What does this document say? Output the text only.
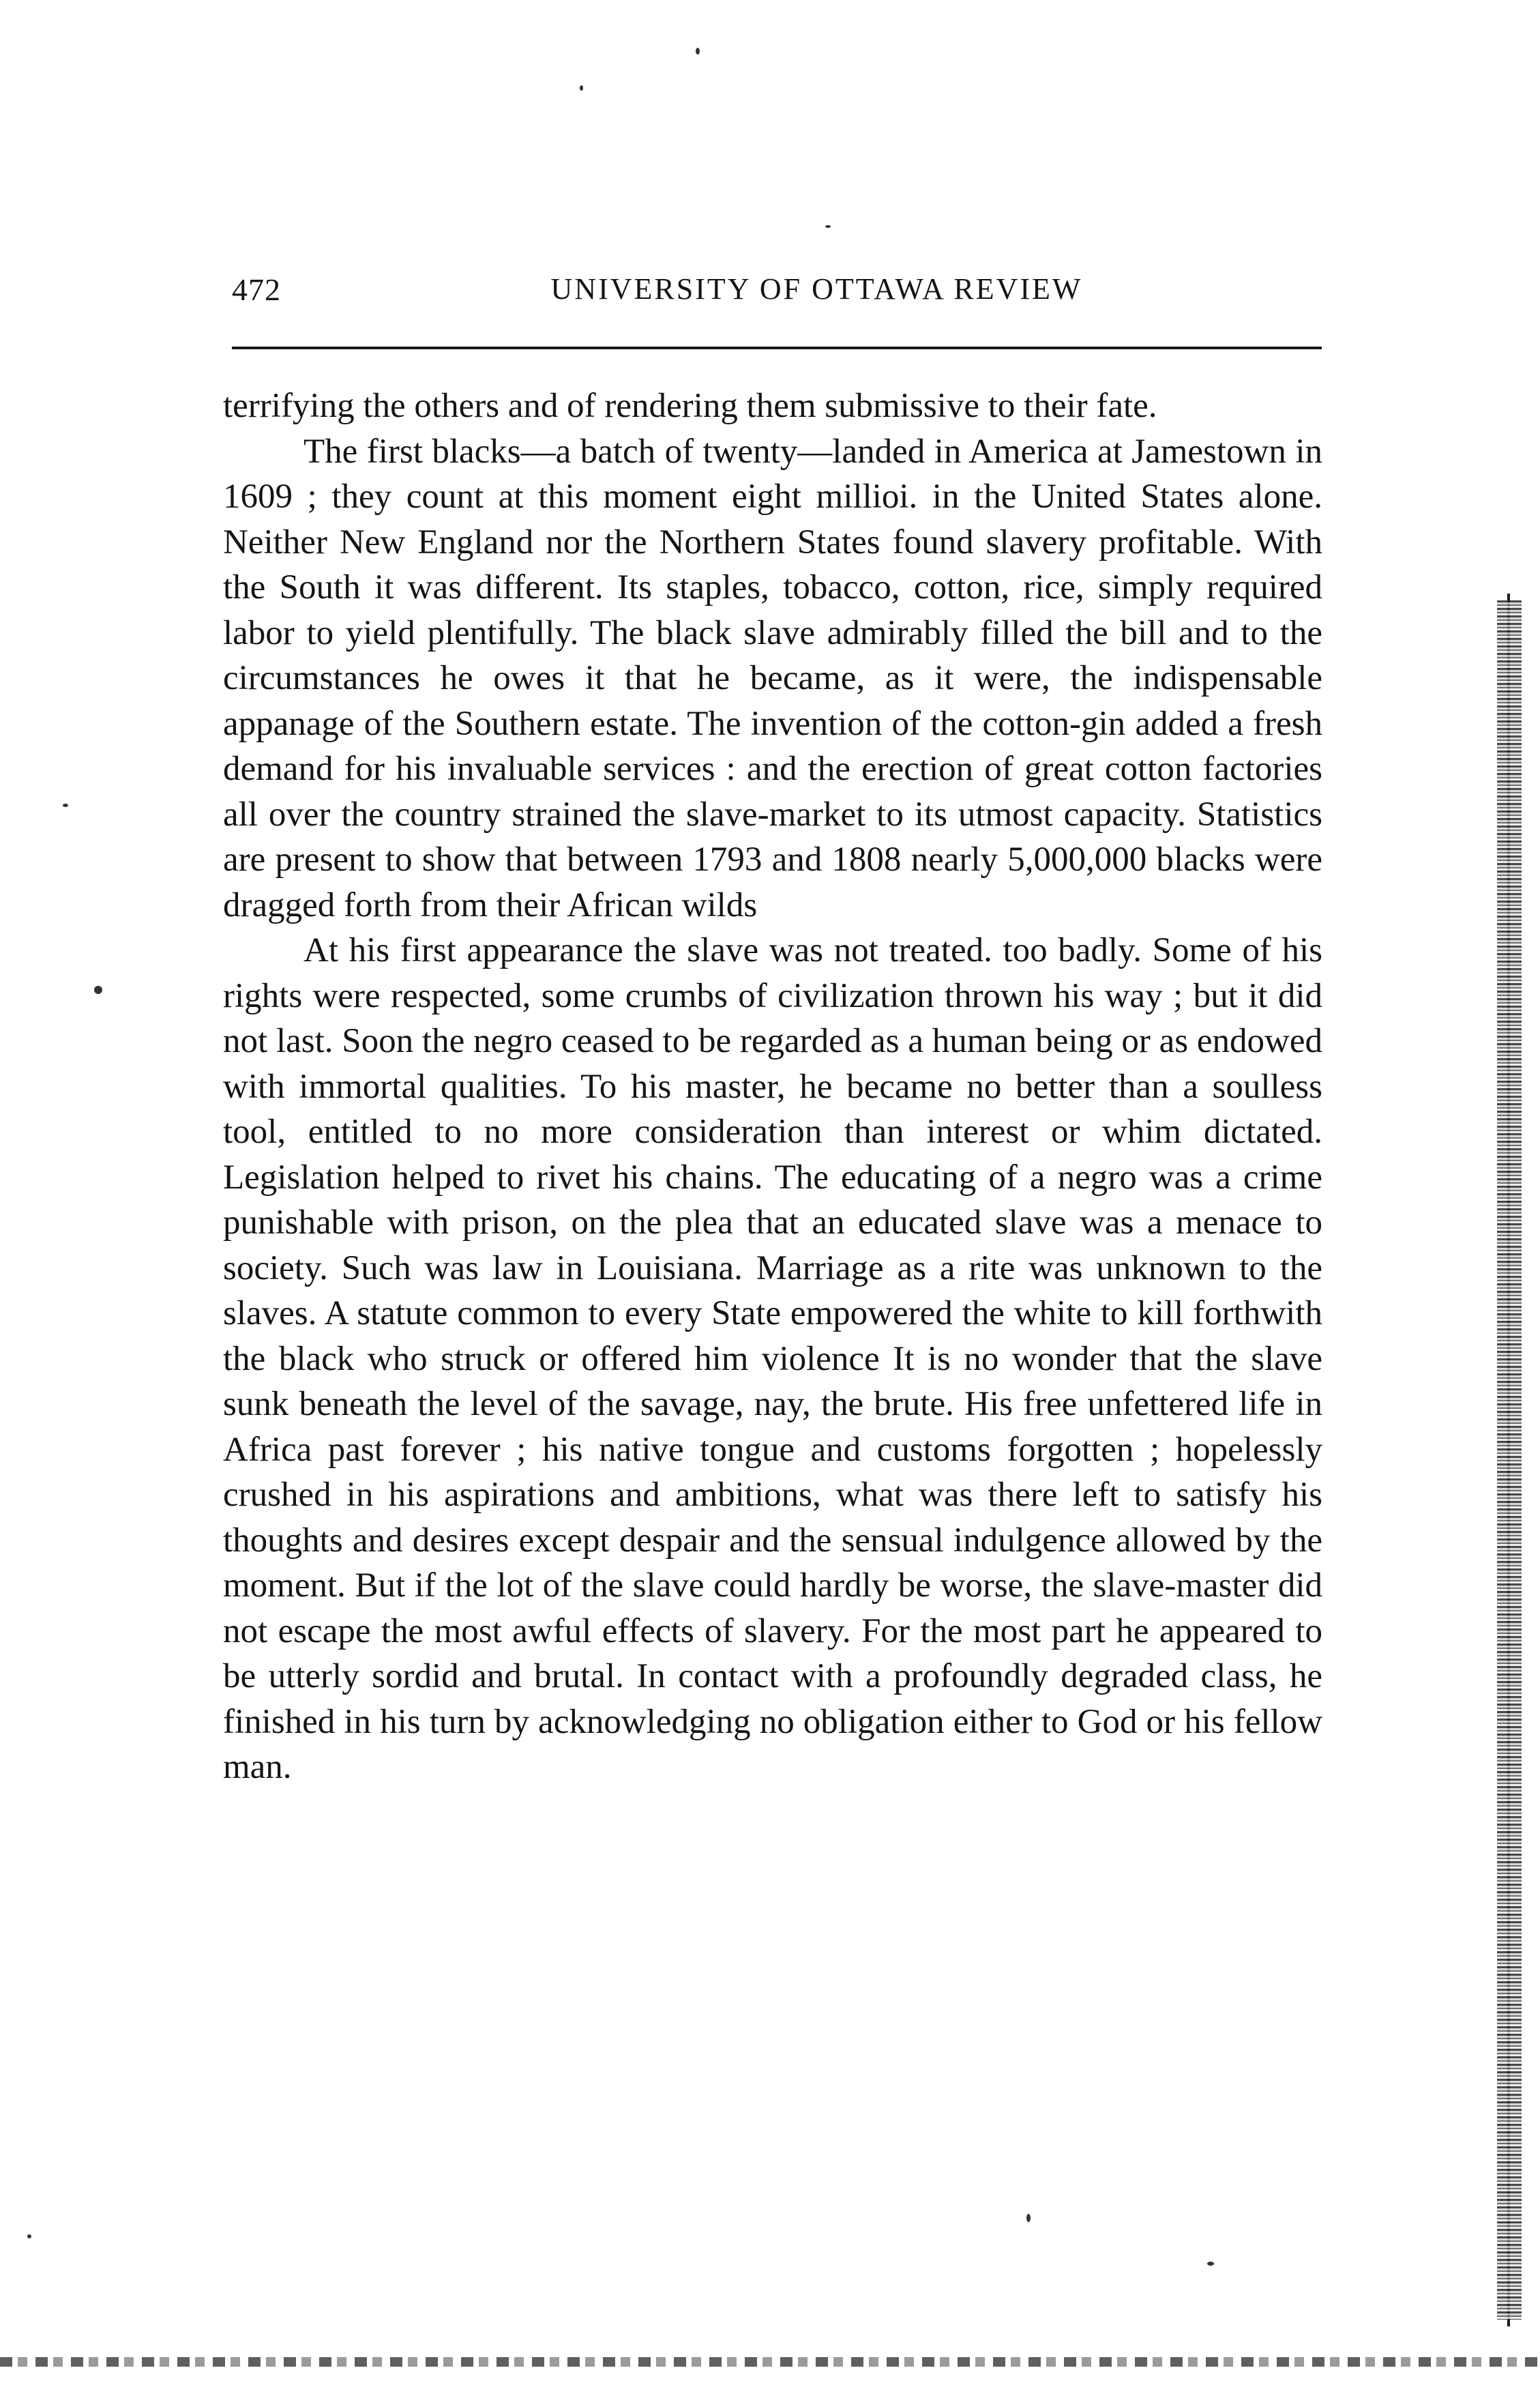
472	UNIVERSITY OF OTTAWA REVIEW

terrifying the others and of rendering them submissive to their fate.

The first blacks—a batch of twenty—landed in America at Jamestown in 1609 ; they count at this moment eight millioi. in the United States alone. Neither New England nor the Northern States found slavery profitable. With the South it was different. Its staples, tobacco, cotton, rice, simply required labor to yield plentifully. The black slave admirably filled the bill and to the circumstances he owes it that he became, as it were, the indispensable appanage of the Southern estate. The invention of the cotton-gin added a fresh demand for his invaluable services : and the erection of great cotton factories all over the country strained the slave-market to its utmost capacity. Statistics are present to show that between 1793 and 1808 nearly 5,000,000 blacks were dragged forth from their African wilds

At his first appearance the slave was not treated. too badly. Some of his rights were respected, some crumbs of civilization thrown his way ; but it did not last. Soon the negro ceased to be regarded as a human being or as endowed with immortal qualities. To his master, he became no better than a soulless tool, entitled to no more consideration than interest or whim dictated. Legislation helped to rivet his chains. The educating of a negro was a crime punishable with prison, on the plea that an educated slave was a menace to society. Such was law in Louisiana. Marriage as a rite was unknown to the slaves. A statute common to every State empowered the white to kill forthwith the black who struck or offered him violence It is no wonder that the slave sunk beneath the level of the savage, nay, the brute. His free unfettered life in Africa past forever ; his native tongue and customs forgotten ; hopelessly crushed in his aspirations and ambitions, what was there left to satisfy his thoughts and desires except despair and the sensual indulgence allowed by the moment. But if the lot of the slave could hardly be worse, the slave-master did not escape the most awful effects of slavery. For the most part he appeared to be utterly sordid and brutal. In contact with a profoundly degraded class, he finished in his turn by acknowledging no obligation either to God or his fellow man.
